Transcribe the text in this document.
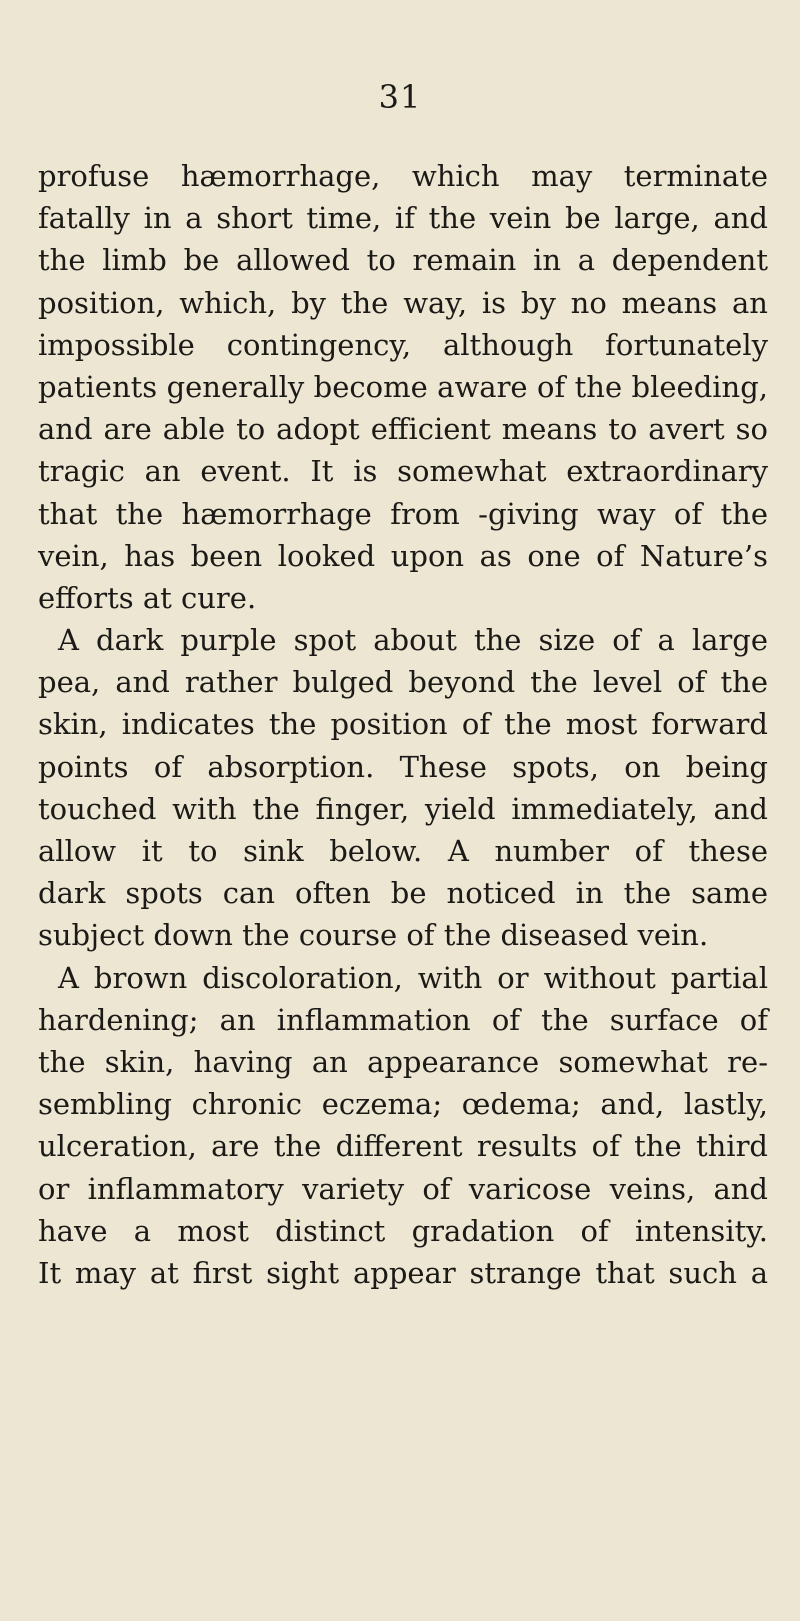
31
profuse hæmorrhage, which may terminate
fatally in a short time, if the vein be large, and
the limb be allowed to remain in a dependent
position, which, by the way, is by no means an
impossible contingency, although fortunately
patients generally become aware of the bleeding,
and are able to adopt efficient means to avert so
tragic an event. It is somewhat extraordinary
that the hæmorrhage from -giving way of the
vein, has been looked upon as one of Nature’s
efforts at cure.
A dark purple spot about the size of a large
pea, and rather bulged beyond the level of the
skin, indicates the position of the most forward
points of absorption. These spots, on being
touched with the finger, yield immediately, and
allow it to sink below. A number of these
dark spots can often be noticed in the same
subject down the course of the diseased vein.
A brown discoloration, with or without partial
hardening; an inflammation of the surface of
the skin, having an appearance somewhat re-
sembling chronic eczema; œdema; and, lastly,
ulceration, are the different results of the third
or inflammatory variety of varicose veins, and
have a most distinct gradation of intensity.
It may at first sight appear strange that such a
